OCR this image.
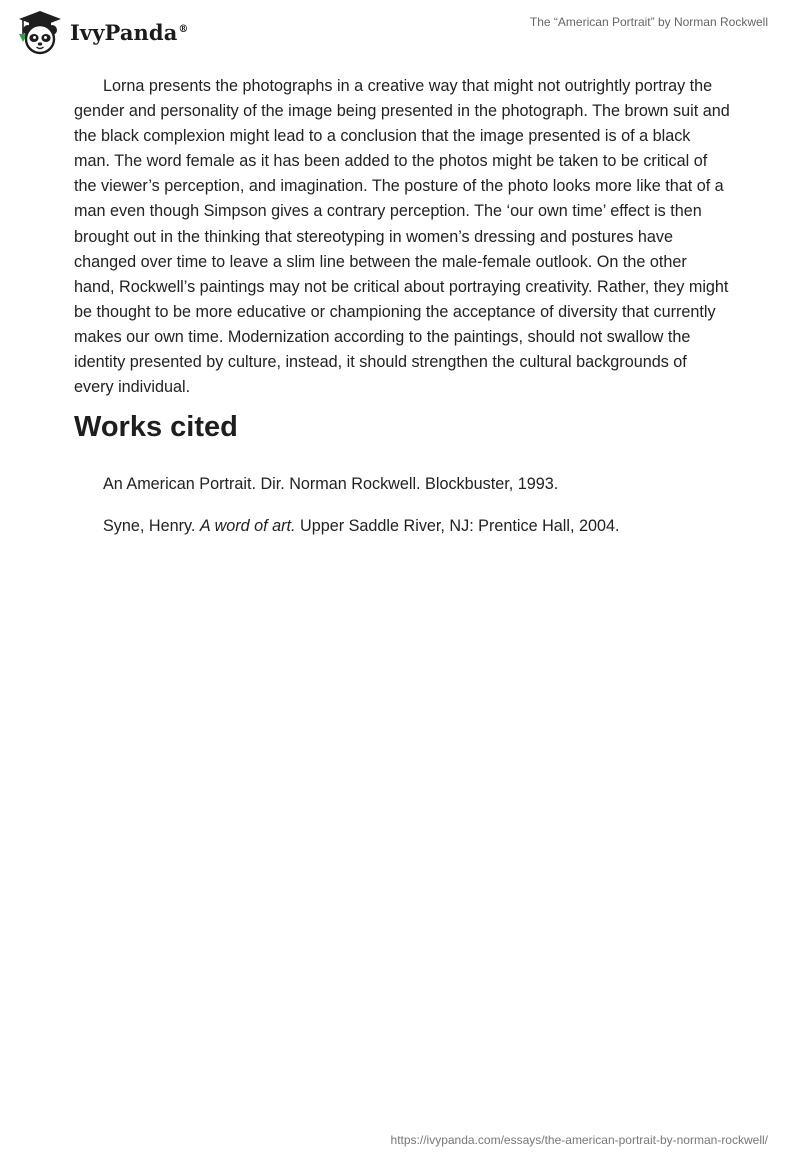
IvyPanda®	The “American Portrait” by Norman Rockwell

Lorna presents the photographs in a creative way that might not outrightly portray the gender and personality of the image being presented in the photograph. The brown suit and the black complexion might lead to a conclusion that the image presented is of a black man. The word female as it has been added to the photos might be taken to be critical of the viewer’s perception, and imagination. The posture of the photo looks more like that of a man even though Simpson gives a contrary perception. The ‘our own time’ effect is then brought out in the thinking that stereotyping in women’s dressing and postures have changed over time to leave a slim line between the male-female outlook. On the other hand, Rockwell’s paintings may not be critical about portraying creativity. Rather, they might be thought to be more educative or championing the acceptance of diversity that currently makes our own time. Modernization according to the paintings, should not swallow the identity presented by culture, instead, it should strengthen the cultural backgrounds of every individual.

Works cited

An American Portrait. Dir. Norman Rockwell. Blockbuster, 1993.

Syne, Henry. A word of art. Upper Saddle River, NJ: Prentice Hall, 2004.

https://ivypanda.com/essays/the-american-portrait-by-norman-rockwell/
